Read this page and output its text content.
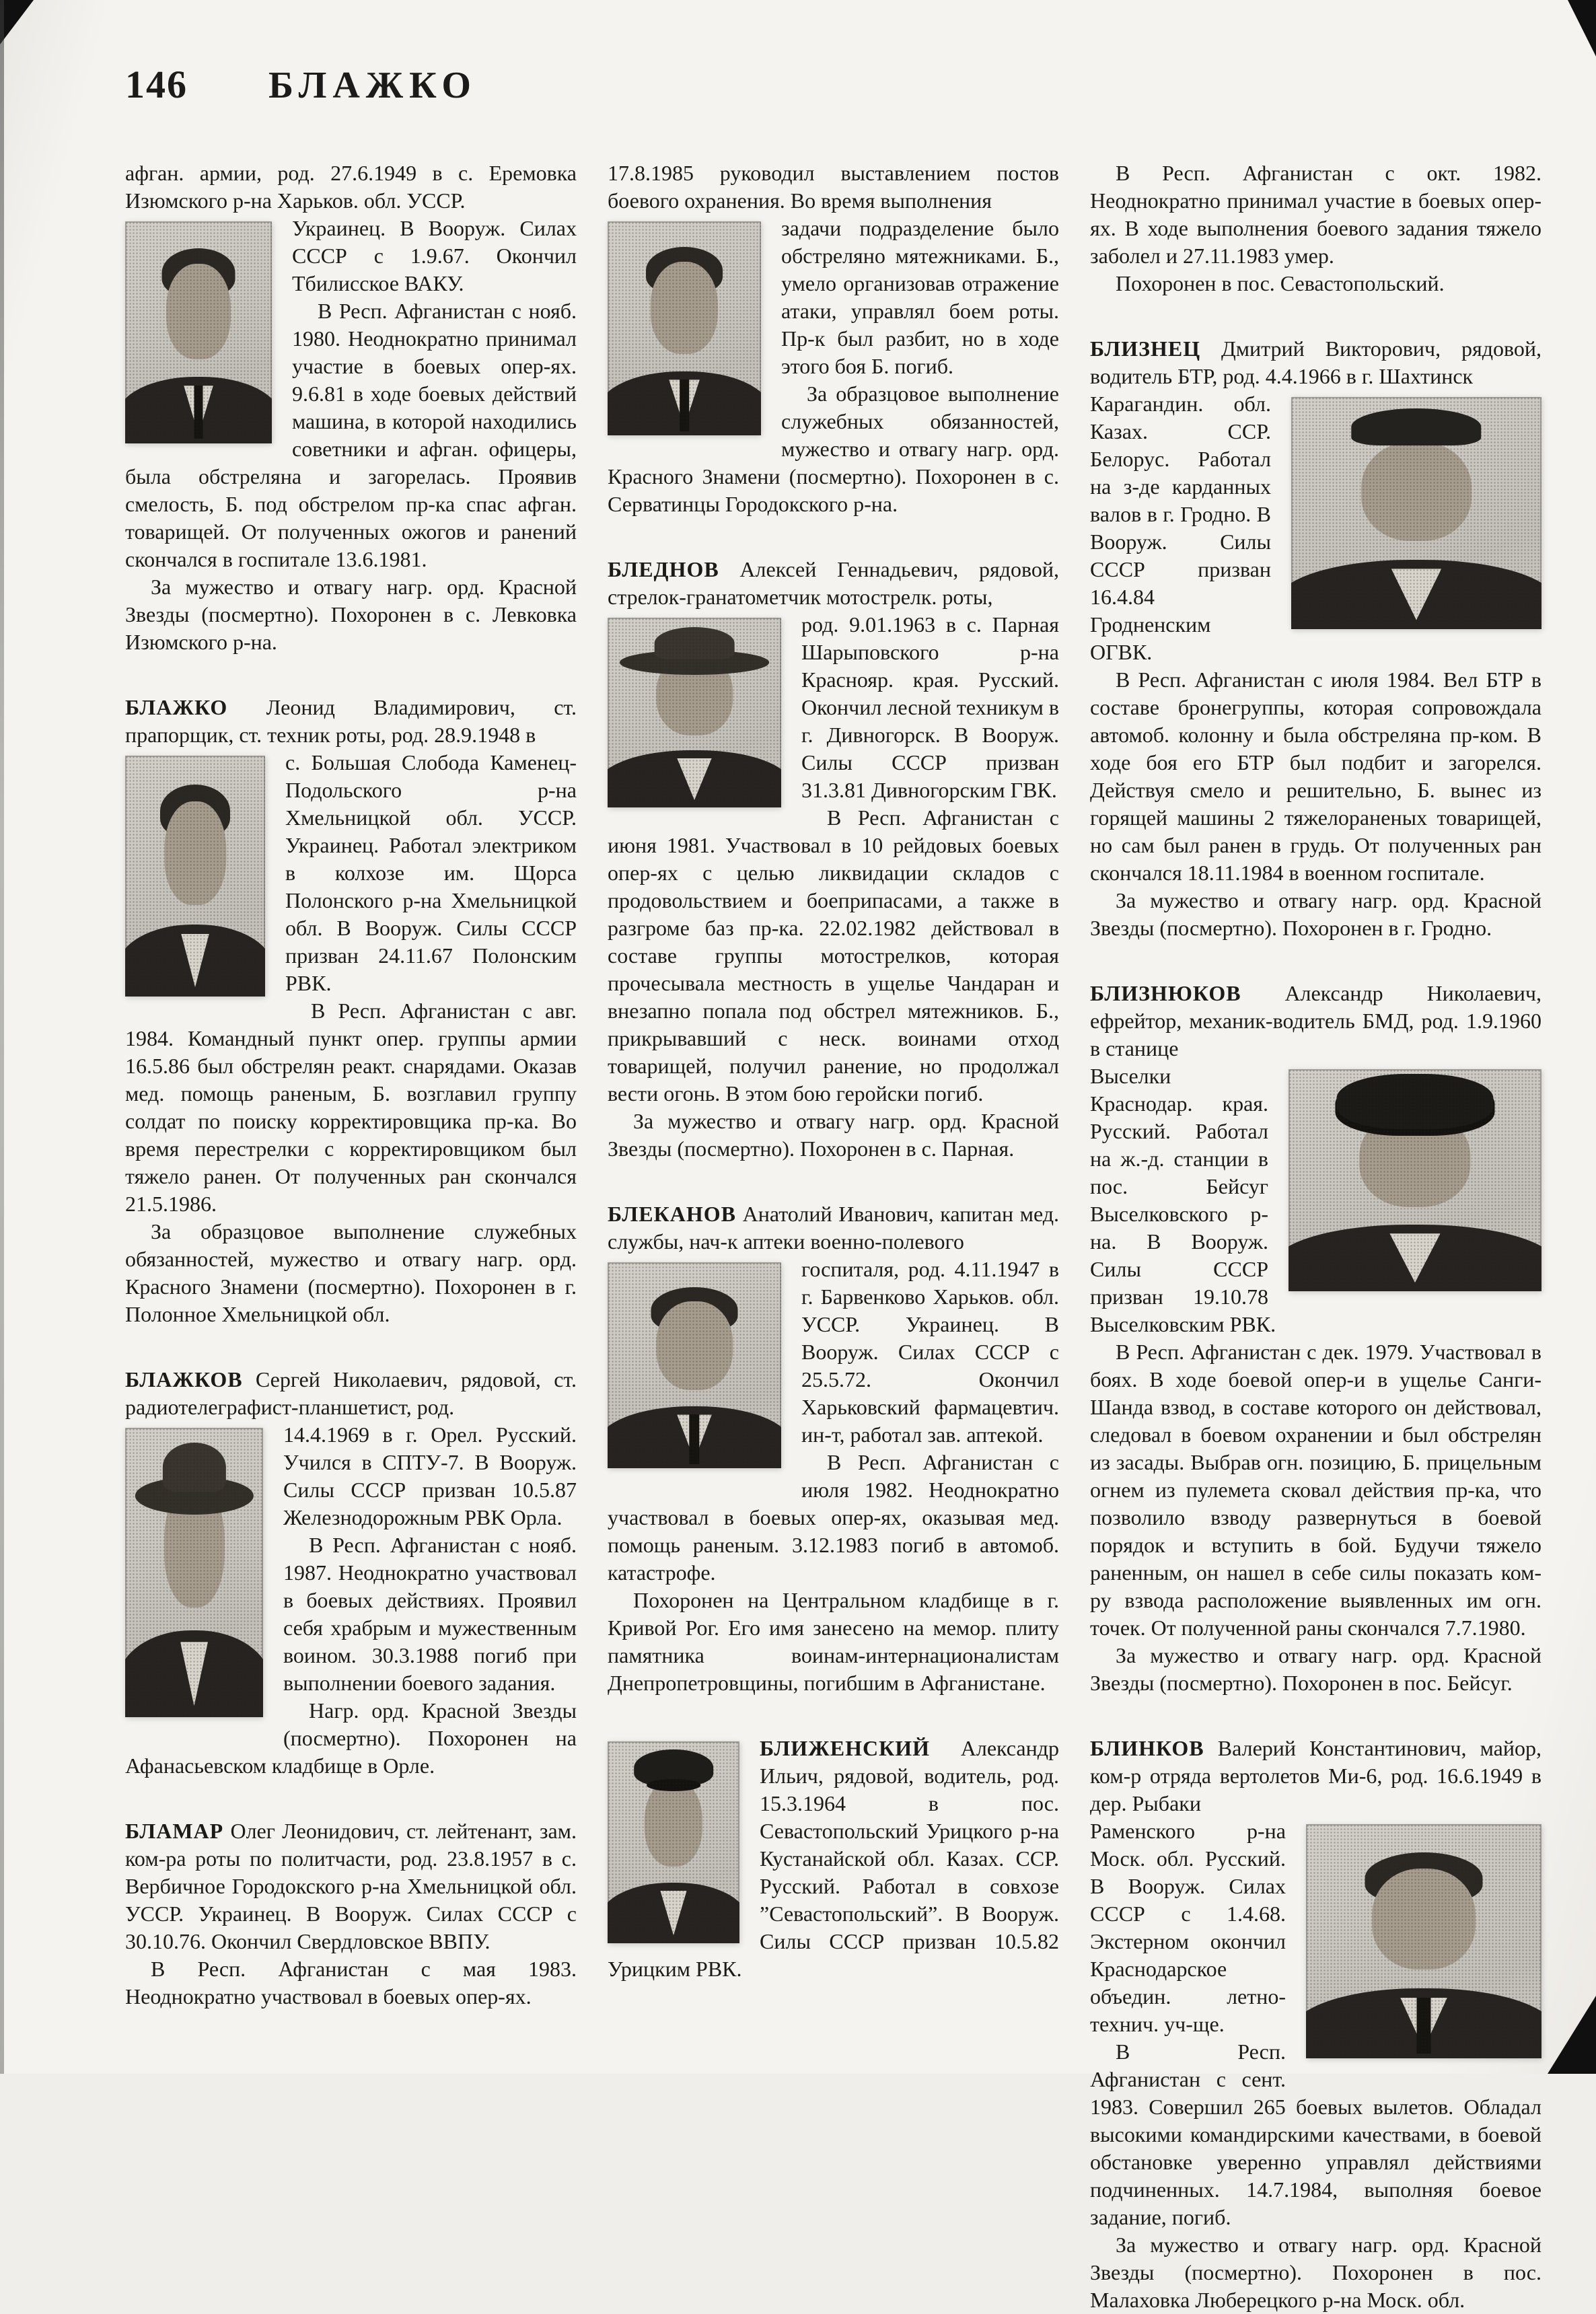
146 БЛАЖКО

афган. армии, род. 27.6.1949 в с. Еремовка Изюмского р-на Харьков. обл. УССР.

Украинец. В Вооруж. Силах СССР с 1.9.67. Окончил Тбилисское ВАКУ.

В Респ. Афганистан с нояб. 1980. Неоднократно принимал участие в боевых опер-ях. 9.6.81 в ходе боевых действий машина, в которой находились советники и афган. офицеры, была обстреляна и загорелась. Проявив смелость, Б. под обстрелом пр-ка спас афган. товарищей. От полученных ожогов и ранений скончался в госпитале 13.6.1981.

За мужество и отвагу нагр. орд. Красной Звезды (посмертно). Похоронен в с. Левковка Изюмского р-на.

БЛАЖКО Леонид Владимирович, ст. прапорщик, ст. техник роты, род. 28.9.1948 в

с. Большая Слобода Каменец-Подольского р-на Хмельницкой обл. УССР. Украинец. Работал электриком в колхозе им. Щорса Полонского р-на Хмельницкой обл. В Вооруж. Силы СССР призван 24.11.67 Полонским РВК.

В Респ. Афганистан с авг. 1984. Командный пункт опер. группы армии 16.5.86 был обстрелян реакт. снарядами. Оказав мед. помощь раненым, Б. возглавил группу солдат по поиску корректировщика пр-ка. Во время перестрелки с корректировщиком был тяжело ранен. От полученных ран скончался 21.5.1986.

За образцовое выполнение служебных обязанностей, мужество и отвагу нагр. орд. Красного Знамени (посмертно). Похоронен в г. Полонное Хмельницкой обл.

БЛАЖКОВ Сергей Николаевич, рядовой, ст. радиотелеграфист-планшетист, род.

14.4.1969 в г. Орел. Русский. Учился в СПТУ-7. В Вооруж. Силы СССР призван 10.5.87 Железнодорожным РВК Орла.

В Респ. Афганистан с нояб. 1987. Неоднократно участвовал в боевых действиях. Проявил себя храбрым и мужественным воином. 30.3.1988 погиб при выполнении боевого задания.

Нагр. орд. Красной Звезды (посмертно). Похоронен на Афанасьевском кладбище в Орле.

БЛАМАР Олег Леонидович, ст. лейтенант, зам. ком-ра роты по политчасти, род. 23.8.1957 в с. Вербичное Городокского р-на Хмельницкой обл. УССР. Украинец. В Вооруж. Силах СССР с 30.10.76. Окончил Свердловское ВВПУ.

В Респ. Афганистан с мая 1983. Неоднократно участвовал в боевых опер-ях.

17.8.1985 руководил выставлением постов боевого охранения. Во время выполнения

задачи подразделение было обстреляно мятежниками. Б., умело организовав отражение атаки, управлял боем роты. Пр-к был разбит, но в ходе этого боя Б. погиб.

За образцовое выполнение служебных обязанностей, мужество и отвагу нагр. орд. Красного Знамени (посмертно). Похоронен в с. Серватинцы Городокского р-на.

БЛЕДНОВ Алексей Геннадьевич, рядовой, стрелок-гранатометчик мотострелк. роты,

род. 9.01.1963 в с. Парная Шарыповского р-на Краснояр. края. Русский. Окончил лесной техникум в г. Дивногорск. В Вооруж. Силы СССР призван 31.3.81 Дивногорским ГВК.

В Респ. Афганистан с июня 1981. Участвовал в 10 рейдовых боевых опер-ях с целью ликвидации складов с продовольствием и боеприпасами, а также в разгроме баз пр-ка. 22.02.1982 действовал в составе группы мотострелков, которая прочесывала местность в ущелье Чандаран и внезапно попала под обстрел мятежников. Б., прикрывавший с неск. воинами отход товарищей, получил ранение, но продолжал вести огонь. В этом бою геройски погиб.

За мужество и отвагу нагр. орд. Красной Звезды (посмертно). Похоронен в с. Парная.

БЛЕКАНОВ Анатолий Иванович, капитан мед. службы, нач-к аптеки военно-полевого

госпиталя, род. 4.11.1947 в г. Барвенково Харьков. обл. УССР. Украинец. В Вооруж. Силах СССР с 25.5.72. Окончил Харьковский фармацевтич. ин-т, работал зав. аптекой.

В Респ. Афганистан с июля 1982. Неоднократно участвовал в боевых опер-ях, оказывая мед. помощь раненым. 3.12.1983 погиб в автомоб. катастрофе.

Похоронен на Центральном кладбище в г. Кривой Рог. Его имя занесено на мемор. плиту памятника воинам-интернационалистам Днепропетровщины, погибшим в Афганистане.

БЛИЖЕНСКИЙ Александр Ильич, рядовой, водитель, род. 15.3.1964 в пос. Севастопольский Урицкого р-на Кустанайской обл. Казах. ССР. Русский. Работал в совхозе ”Севастопольский”. В Вооруж. Силы СССР призван 10.5.82 Урицким РВК.

В Респ. Афганистан с окт. 1982. Неоднократно принимал участие в боевых опер-ях. В ходе выполнения боевого задания тяжело заболел и 27.11.1983 умер.

Похоронен в пос. Севастопольский.

БЛИЗНЕЦ Дмитрий Викторович, рядовой, водитель БТР, род. 4.4.1966 в г. Шахтинск

Карагандин. обл. Казах. ССР. Белорус. Работал на з-де карданных валов в г. Гродно. В Вооруж. Силы СССР призван 16.4.84 Гродненским ОГВК.

В Респ. Афганистан с июля 1984. Вел БТР в составе бронегруппы, которая сопровождала автомоб. колонну и была обстреляна пр-ком. В ходе боя его БТР был подбит и загорелся. Действуя смело и решительно, Б. вынес из горящей машины 2 тяжелораненых товарищей, но сам был ранен в грудь. От полученных ран скончался 18.11.1984 в военном госпитале.

За мужество и отвагу нагр. орд. Красной Звезды (посмертно). Похоронен в г. Гродно.

БЛИЗНЮКОВ Александр Николаевич, ефрейтор, механик-водитель БМД, род. 1.9.1960 в станице

Выселки Краснодар. края. Русский. Работал на ж.-д. станции в пос. Бейсуг Выселковского р-на. В Вооруж. Силы СССР призван 19.10.78 Выселковским РВК.

В Респ. Афганистан с дек. 1979. Участвовал в боях. В ходе боевой опер-и в ущелье Санги-Шанда взвод, в составе которого он действовал, следовал в боевом охранении и был обстрелян из засады. Выбрав огн. позицию, Б. прицельным огнем из пулемета сковал действия пр-ка, что позволило взводу развернуться в боевой порядок и вступить в бой. Будучи тяжело раненным, он нашел в себе силы показать ком-ру взвода расположение выявленных им огн. точек. От полученной раны скончался 7.7.1980.

За мужество и отвагу нагр. орд. Красной Звезды (посмертно). Похоронен в пос. Бейсуг.

БЛИНКОВ Валерий Константинович, майор, ком-р отряда вертолетов Ми-6, род. 16.6.1949 в дер. Рыбаки

Раменского р-на Моск. обл. Русский. В Вооруж. Силах СССР с 1.4.68. Экстерном окончил Краснодарское объедин. летно-технич. уч-ще.

В Респ. Афганистан с сент. 1983. Совершил 265 боевых вылетов. Обладал высокими командирскими качествами, в боевой обстановке уверенно управлял действиями подчиненных. 14.7.1984, выполняя боевое задание, погиб.

За мужество и отвагу нагр. орд. Красной Звезды (посмертно). Похоронен в пос. Малаховка Люберецкого р-на Моск. обл.
